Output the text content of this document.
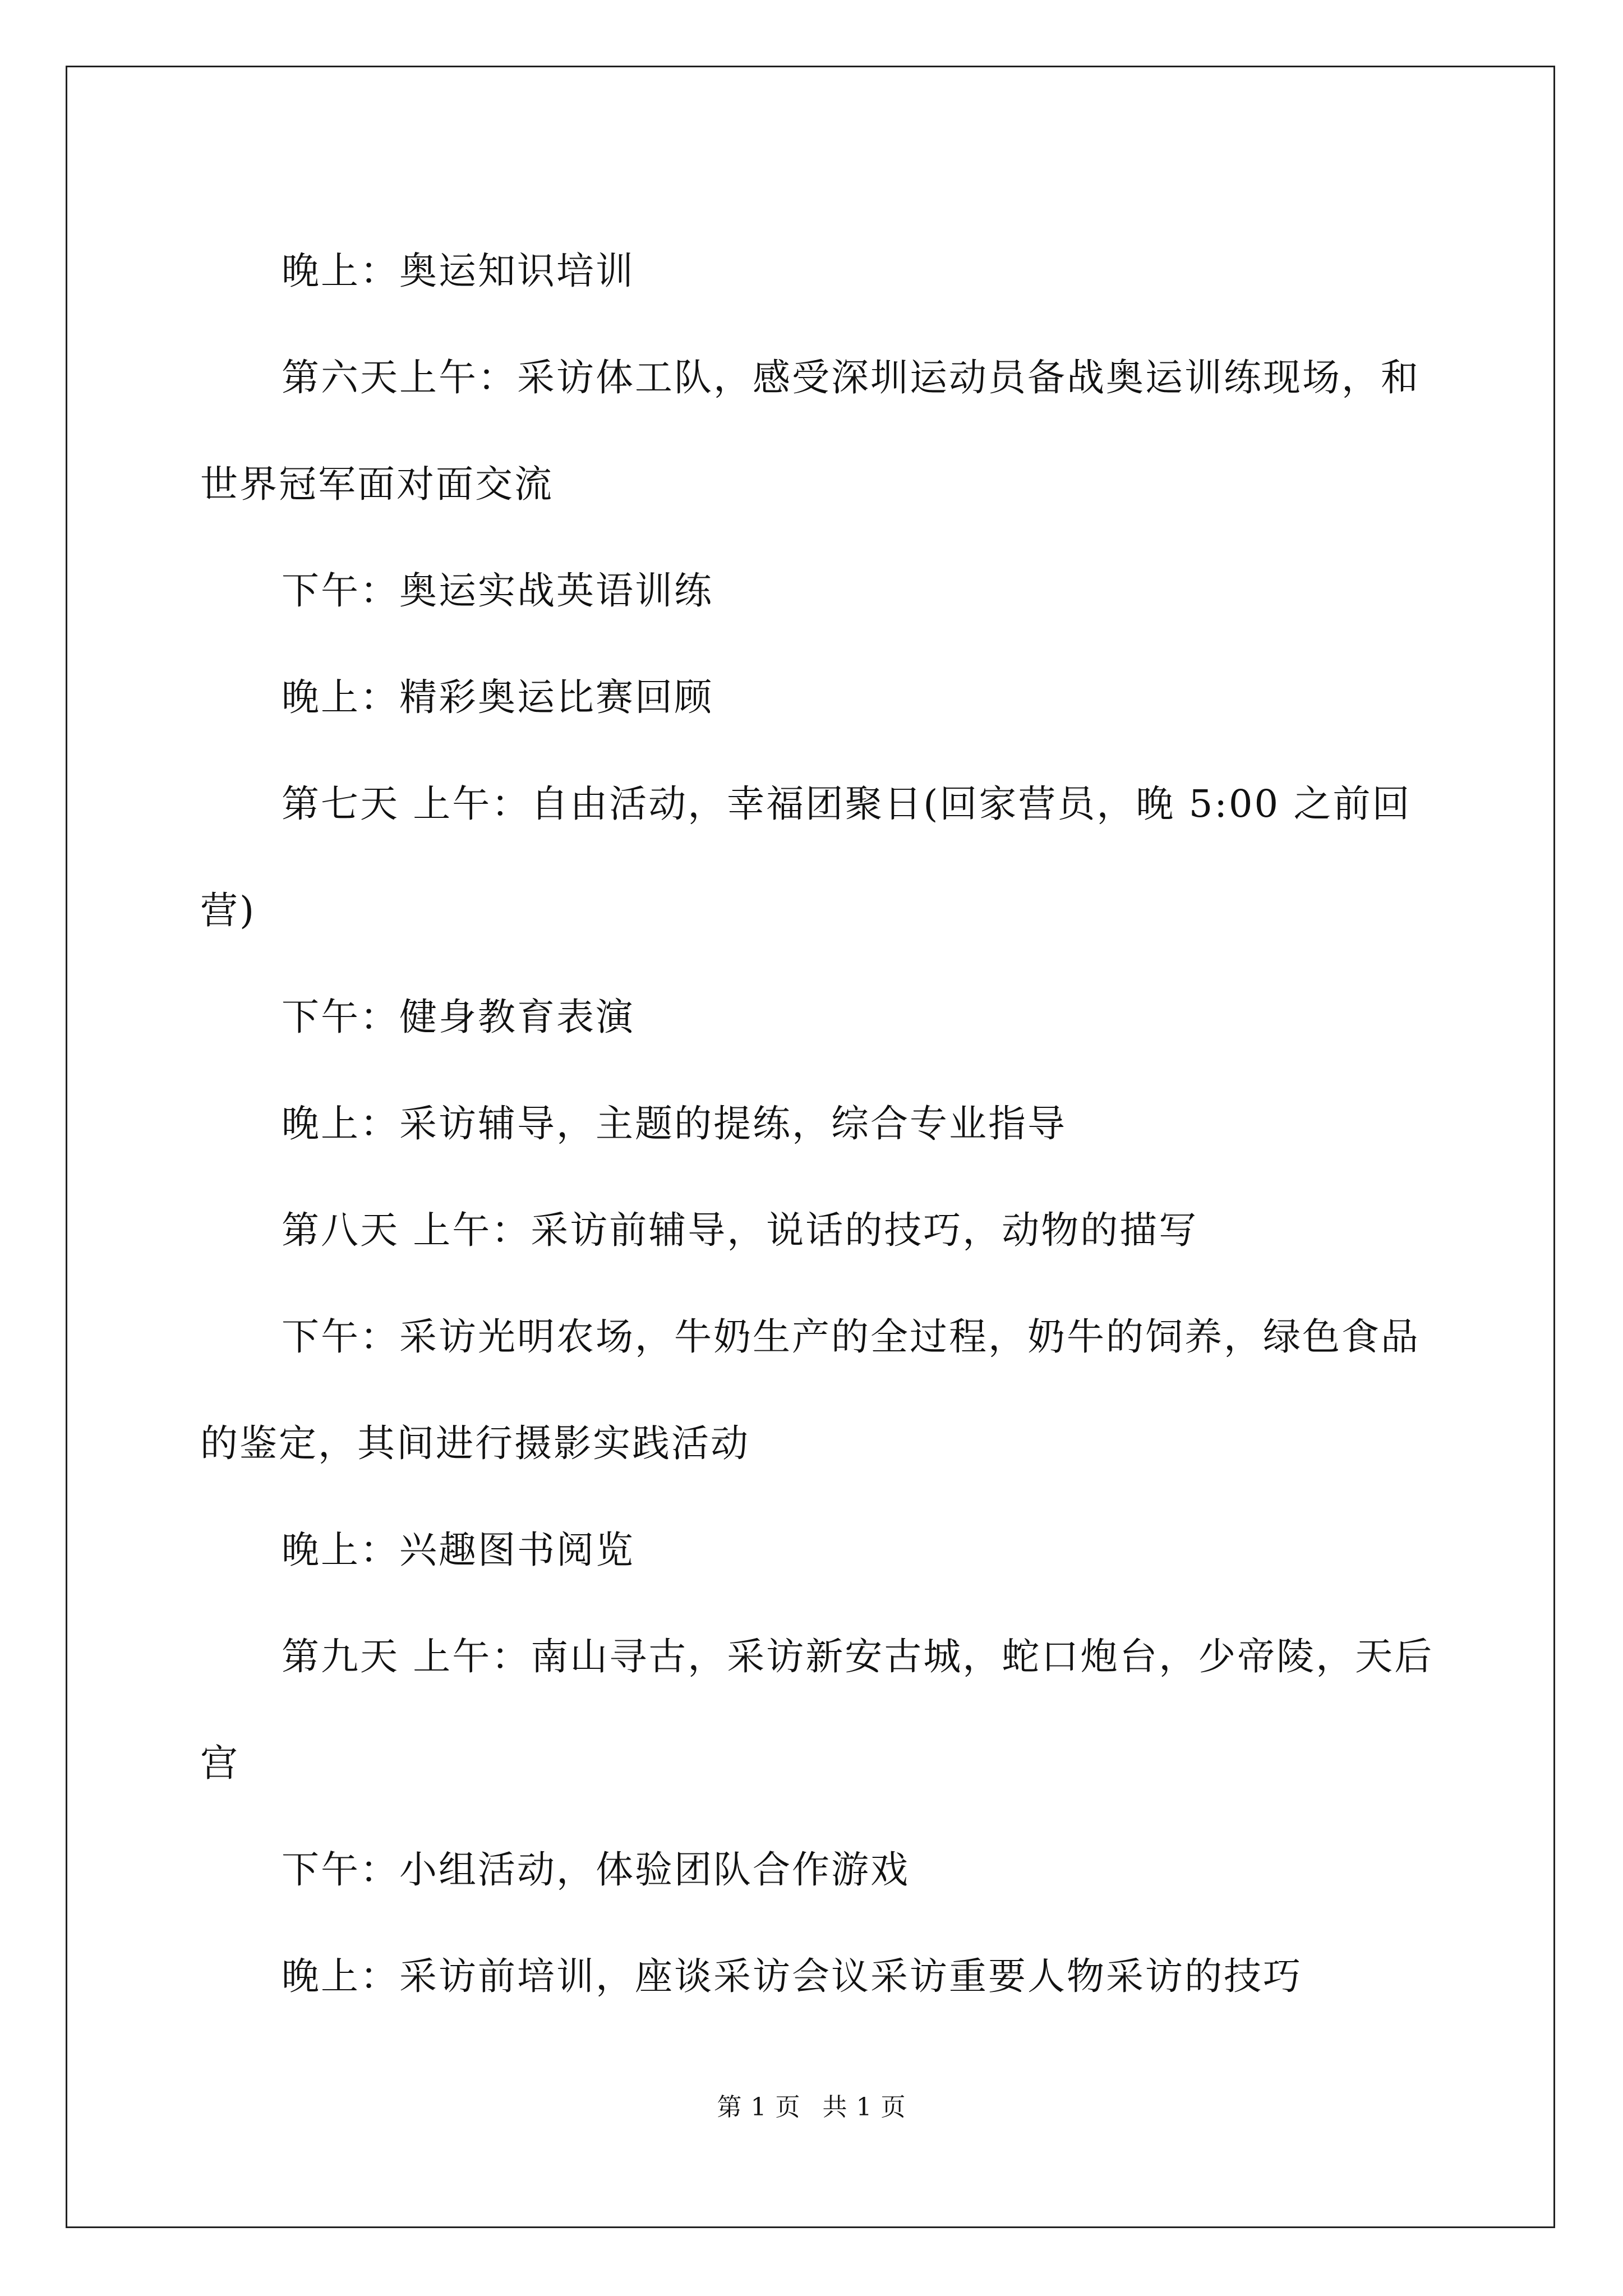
晚上：奥运知识培训

第六天上午：采访体工队，感受深圳运动员备战奥运训练现场，和世界冠军面对面交流

下午：奥运实战英语训练

晚上：精彩奥运比赛回顾

第七天 上午：自由活动，幸福团聚日(回家营员，晚 5:00 之前回营)

下午：健身教育表演

晚上：采访辅导，主题的提练，综合专业指导

第八天 上午：采访前辅导，说话的技巧，动物的描写

下午：采访光明农场，牛奶生产的全过程，奶牛的饲养，绿色食品的鉴定，其间进行摄影实践活动

晚上：兴趣图书阅览

第九天 上午：南山寻古，采访新安古城，蛇口炮台，少帝陵，天后宫

下午：小组活动，体验团队合作游戏

晚上：采访前培训，座谈采访会议采访重要人物采访的技巧

第 1 页 共 1 页
